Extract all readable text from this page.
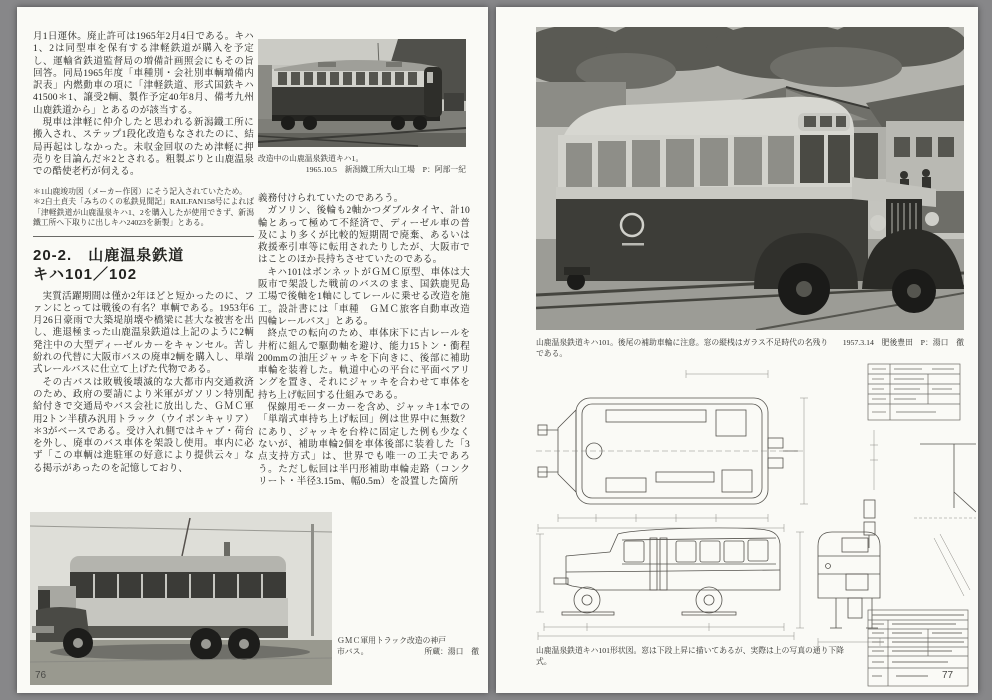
月1日運休。廃止許可は1965年2月4日である。キハ1、2は同型車を保有する津軽鉄道が購入を予定し、運輸省鉄道監督局の増備計画照会にもその旨回答。同局1965年度「車種別・会社別車輌増備内訳表」内燃動車の項に「津軽鉄道、形式国鉄キハ41500＊1、譲受2輌、製作予定40年8月、備考九州山鹿鉄道から」とあるのが該当する。

現車は津軽に仲介したと思われる新潟鐵工所に搬入され、ステップ1段化改造もなされたのに、結局再起はしなかった。未収金回収のため津軽に押売りを目論んだ＊2とされる。粗製ぶりと山鹿温泉での酷使老朽が伺える。

＊1山鹿竣功図（メーカー作図）にそう記入されていたため。

＊2白土貞夫「みちのくの私鉄見聞記」RAILFAN158号によれば「津軽鉄道が山鹿温泉キハ1、2を購入したが使用できず、新潟鐵工所へ下取りに出しキハ24023を新製」とある。

20-2.　山鹿温泉鉄道
キハ101／102

実質活躍期間は僅か2年ほどと短かったのに、ファンにとっては戦後の有名？車輌である。1953年6月26日豪雨で大築堤崩壊や橋梁に甚大な被害を出し、進退極まった山鹿温泉鉄道は上記のように2輌発注中の大型ディーゼルカーをキャンセル。苦し紛れの代替に大阪市バスの廃車2輌を購入し、単端式レールバスに仕立て上げた代物である。

その古バスは敗戦後壊滅的な大都市内交通救済のため、政府の要請により米軍がガソリン特別配給付きで交通局やバス会社に放出した、ＧＭＣ軍用2トン半積み汎用トラック（ウイポンキャリア）＊3がベースである。受け入れ側ではキャブ・荷台を外し、廃車のバス車体を架設し使用。車内に必ず「この車輌は進駐軍の好意により提供云々」なる掲示があったのを記憶しており、

改造中の山鹿温泉鉄道キハ1。
1965.10.5　新潟鐵工所大山工場　P：阿部一紀

義務付けられていたのであろう。

ガソリン、後輪も2軸かつダブルタイヤ、計10輪とあって極めて不経済で、ディーゼル車の普及により多くが比較的短期間で廃棄、あるいは救援牽引車等に転用されたりしたが、大阪市ではことのほか長持ちさせていたのである。

キハ101はボンネットがＧＭＣ原型、車体は大阪市で架設した戦前のバスのまま、国鉄鹿児島工場で後軸を1軸にしてレールに乗せる改造を施工。設計書には「車種　ＧＭＣ旅客自動車改造四輪レールバス」とある。

終点での転向のため、車体床下に古レールを井桁に組んで駆動軸を避け、能力15トン・衝程200mmの油圧ジャッキを下向きに、後部に補助車輪を装着した。軌道中心の平台に平面ベアリングを置き、それにジャッキを合わせて車体を持ち上げ転回する仕組みである。

保線用モーターカーを含め、ジャッキ1本での「単端式車持ち上げ転回」例は世界中に無数？にあり、ジャッキを台枠に固定した例も少なくないが、補助車輪2個を車体後部に装着した「3点支持方式」は、世界でも唯一の工夫であろう。ただし転回は半円形補助車輪走路（コンクリート・半径3.15m、幅0.5m）を設置した箇所

ＧＭＣ軍用トラック改造の神戸
市バス。	所蔵：湯口　徹
76
山鹿温泉鉄道キハ101。後尾の補助車輪に注意。窓の縦桟はガラス不足時代の名残りである。
1957.3.14　肥後豊田　P：湯口　徹
山鹿温泉鉄道キハ101形状図。窓は下段上昇に描いてあるが、実際は上の写真の通り下降式。
77
